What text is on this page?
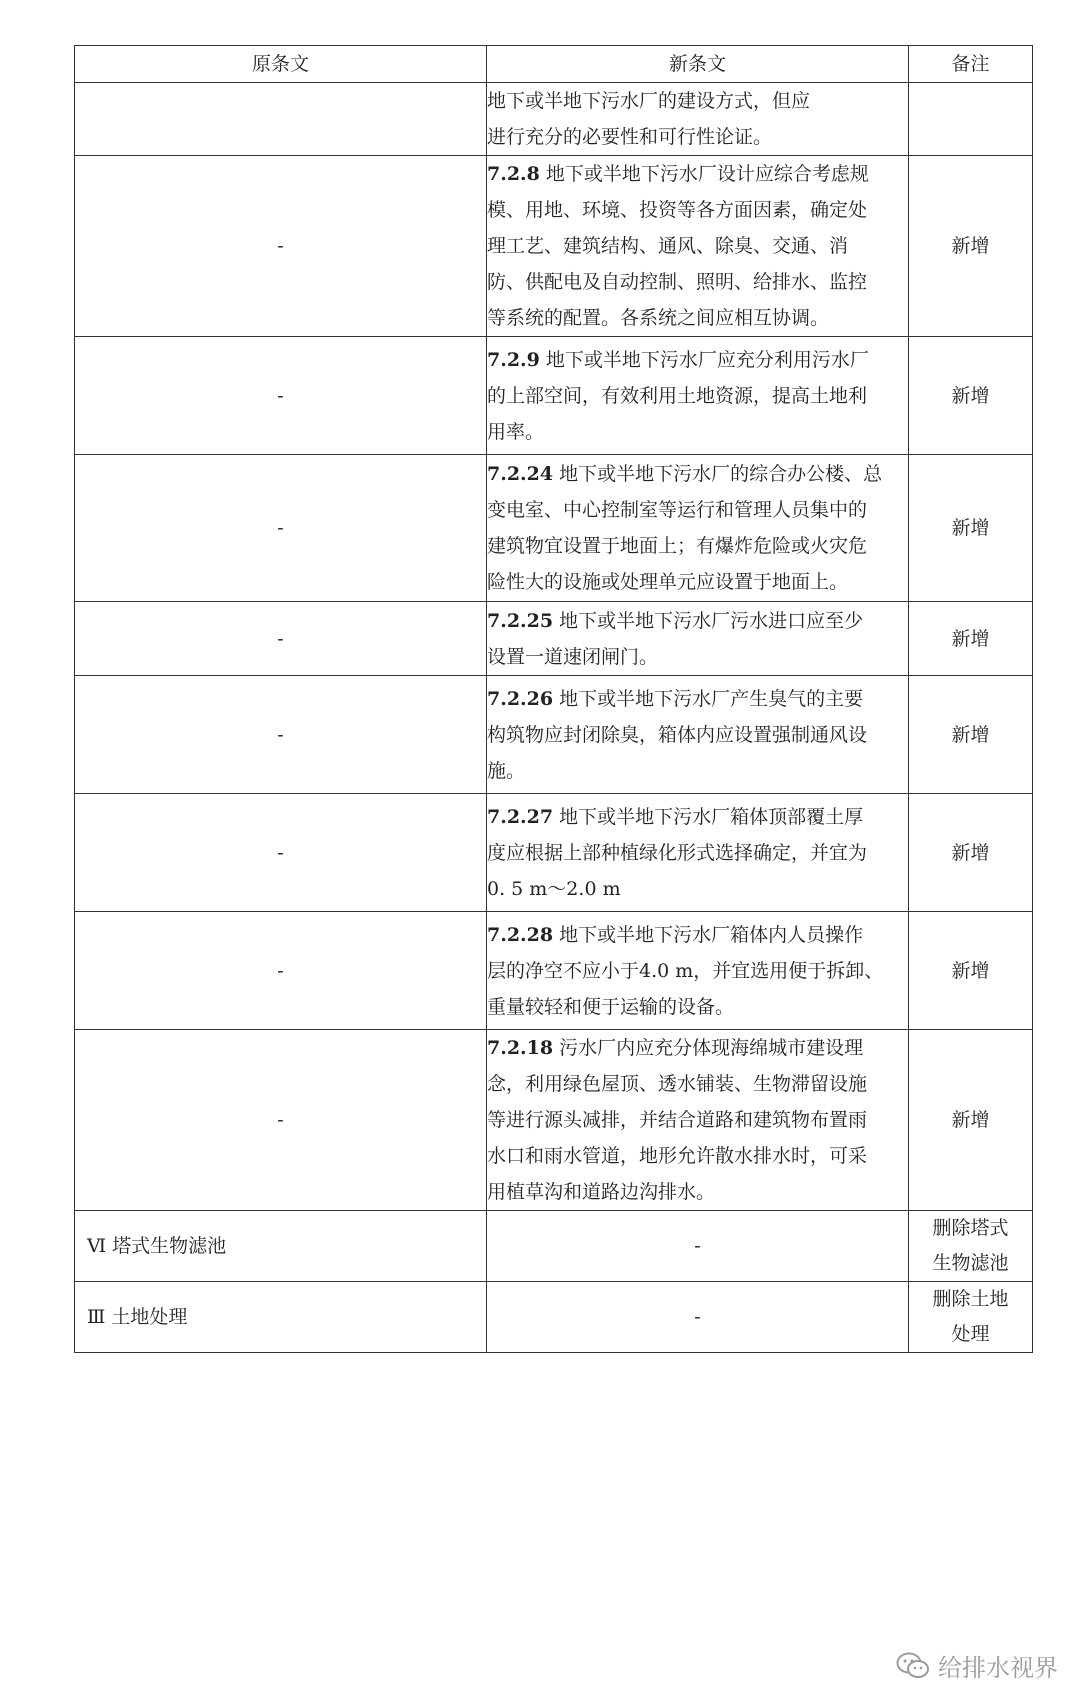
原条文	新条文	备注

	地下或半地下污水厂的建设方式，但应
进行充分的必要性和可行性论证。	

-	7.2.8 地下或半地下污水厂设计应综合考虑规
模、用地、环境、投资等各方面因素，确定处
理工艺、建筑结构、通风、除臭、交通、消
防、供配电及自动控制、照明、给排水、监控
等系统的配置。各系统之间应相互协调。	新增
-	7.2.9 地下或半地下污水厂应充分利用污水厂
的上部空间，有效利用土地资源，提高土地利
用率。	新增
-	7.2.24 地下或半地下污水厂的综合办公楼、总
变电室、中心控制室等运行和管理人员集中的
建筑物宜设置于地面上；有爆炸危险或火灾危
险性大的设施或处理单元应设置于地面上。	新增
-	7.2.25 地下或半地下污水厂污水进口应至少
设置一道速闭闸门。	新增
-	7.2.26 地下或半地下污水厂产生臭气的主要
构筑物应封闭除臭，箱体内应设置强制通风设
施。	新增
-	7.2.27 地下或半地下污水厂箱体顶部覆土厚
度应根据上部种植绿化形式选择确定，并宜为
0. 5 m～2.0 m	新增
-	7.2.28 地下或半地下污水厂箱体内人员操作
层的净空不应小于4.0 m，并宜选用便于拆卸、
重量较轻和便于运输的设备。	新增
-	7.2.18 污水厂内应充分体现海绵城市建设理
念，利用绿色屋顶、透水铺装、生物滞留设施
等进行源头减排，并结合道路和建筑物布置雨
水口和雨水管道，地形允许散水排水时，可采
用植草沟和道路边沟排水。	新增
Ⅵ 塔式生物滤池	-	删除塔式
生物滤池

Ⅲ 土地处理	-	删除土地
处理
给排水视界
